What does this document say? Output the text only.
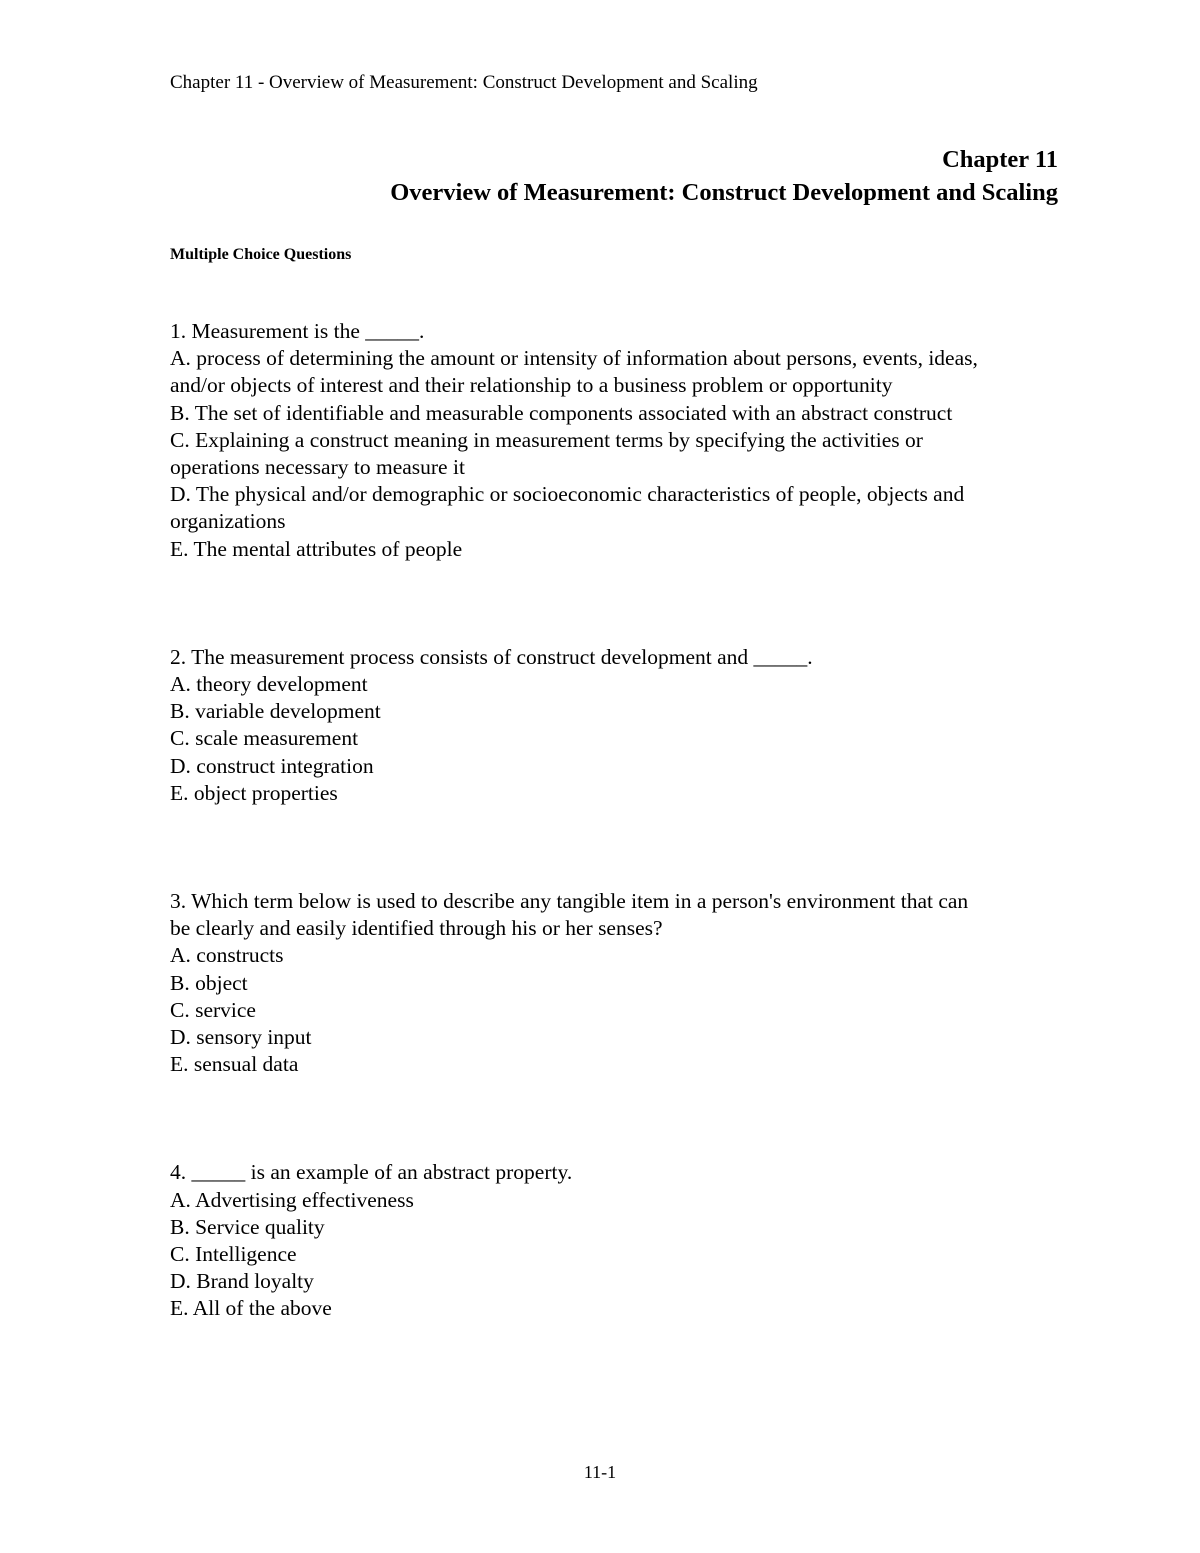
Chapter 11 - Overview of Measurement: Construct Development and Scaling
Chapter 11
Overview of Measurement: Construct Development and Scaling
Multiple Choice Questions
1. Measurement is the _____.
A. process of determining the amount or intensity of information about persons, events, ideas,
and/or objects of interest and their relationship to a business problem or opportunity
B. The set of identifiable and measurable components associated with an abstract construct
C. Explaining a construct meaning in measurement terms by specifying the activities or
operations necessary to measure it
D. The physical and/or demographic or socioeconomic characteristics of people, objects and
organizations
E. The mental attributes of people
2. The measurement process consists of construct development and _____.
A. theory development
B. variable development
C. scale measurement
D. construct integration
E. object properties
3. Which term below is used to describe any tangible item in a person's environment that can
be clearly and easily identified through his or her senses?
A. constructs
B. object
C. service
D. sensory input
E. sensual data
4. _____ is an example of an abstract property.
A. Advertising effectiveness
B. Service quality
C. Intelligence
D. Brand loyalty
E. All of the above
11-1
